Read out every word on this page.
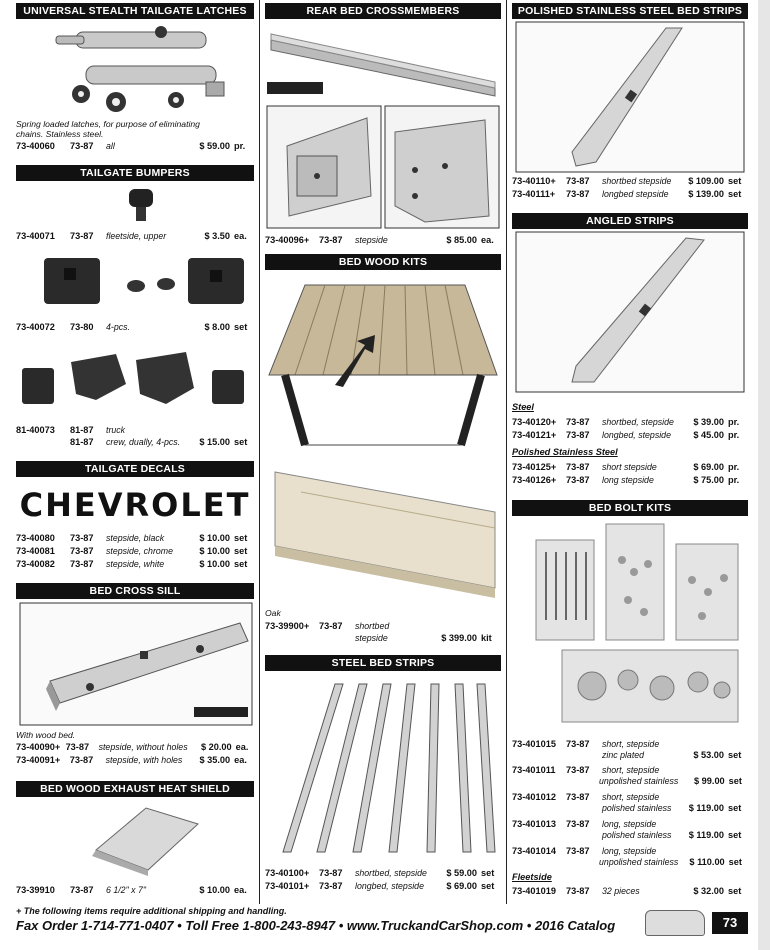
UNIVERSAL STEALTH TAILGATE LATCHES
Spring loaded latches, for purpose of eliminating chains. Stainless steel.
73-40060	73-87	all	$ 59.00 pr.
TAILGATE BUMPERS
73-40071	73-87	fleetside, upper	$ 3.50 ea.
73-40072	73-80	4-pcs.	$ 8.00 set
81-40073	81-87	truck
81-87	crew, dually, 4-pcs.	$ 15.00 set
TAILGATE DECALS
CHEVROLET
73-40080	73-87	stepside, black	$ 10.00 set
73-40081	73-87	stepside, chrome	$ 10.00 set
73-40082	73-87	stepside, white	$ 10.00 set
BED CROSS SILL
With wood bed.
73-40090+ 73-87	stepside, without holes	$ 20.00 ea.
73-40091+	73-87	stepside, with holes	$ 35.00 ea.
BED WOOD EXHAUST HEAT SHIELD
73-39910	73-87	6 1/2" x 7"	$ 10.00 ea.
REAR BED CROSSMEMBERS
73-40096+	73-87	stepside	$ 85.00 ea.
BED WOOD KITS
Oak
73-39900+	73-87	shortbed
stepside	$ 399.00 kit
STEEL BED STRIPS
73-40100+	73-87	shortbed, stepside	$ 59.00 set
73-40101+	73-87	longbed, stepside	$ 69.00 set
POLISHED STAINLESS STEEL BED STRIPS
73-40110+	73-87	shortbed stepside	$ 109.00 set
73-40111+	73-87	longbed stepside	$ 139.00 set
ANGLED STRIPS
Steel
73-40120+	73-87	shortbed, stepside	$ 39.00 pr.
73-40121+	73-87	longbed, stepside	$ 45.00 pr.
Polished Stainless Steel
73-40125+	73-87	short stepside	$ 69.00 pr.
73-40126+	73-87	long stepside	$ 75.00 pr.
BED BOLT KITS
73-401015	73-87	short, stepside
zinc plated	$ 53.00 set
73-401011	73-87	short, stepside
unpolished stainless	$ 99.00 set
73-401012	73-87	short, stepside
polished stainless	$ 119.00 set
73-401013	73-87	long, stepside
polished stainless	$ 119.00 set
73-401014	73-87	long, stepside
unpolished stainless	$ 110.00 set
Fleetside
73-401019	73-87	32 pieces	$ 32.00 set
+ The following items require additional shipping and handling.
Fax Order 1-714-771-0407 • Toll Free 1-800-243-8947 • www.TruckandCarShop.com • 2016 Catalog	73
